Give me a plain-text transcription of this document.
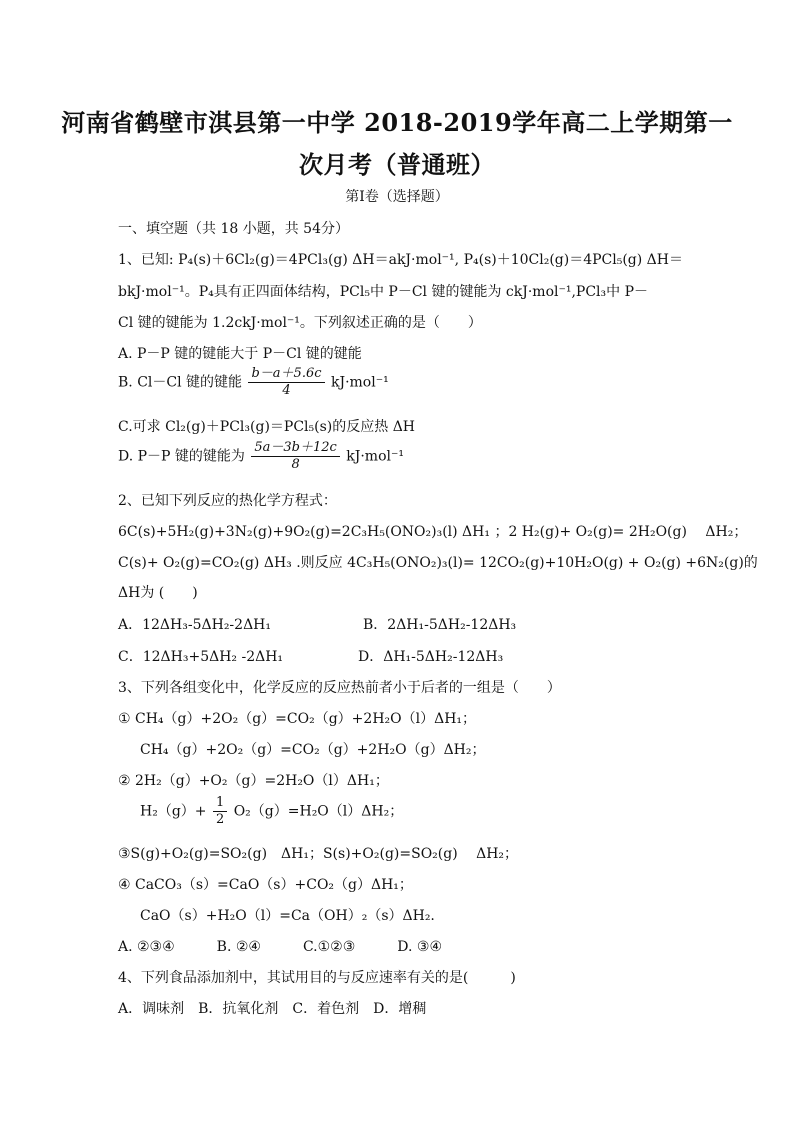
河南省鹤壁市淇县第一中学 2018-2019学年高二上学期第一
次月考（普通班）
第Ⅰ卷（选择题）
一、填空题（共 18 小题，共 54分）
1、已知: P₄(s)＋6Cl₂(g)＝4PCl₃(g) ΔH＝akJ·mol⁻¹, P₄(s)＋10Cl₂(g)＝4PCl₅(g) ΔH＝
bkJ·mol⁻¹。P₄具有正四面体结构，PCl₅中 P－Cl 键的键能为 ckJ·mol⁻¹,PCl₃中 P－
Cl 键的键能为 1.2ckJ·mol⁻¹。下列叙述正确的是（　　）
A. P－P 键的键能大于 P－Cl 键的键能
B. Cl－Cl 键的键能 $\frac{b-a+5.6c}{4} kJ\cdot mol^{-1}$
C.可求 Cl₂(g)＋PCl₃(g)＝PCl₅(s)的反应热 ΔH
D. P－P 键的键能为 $\frac{5a-3b+12c}{8} kJ\cdot mol^{-1}$
2、已知下列反应的热化学方程式：
6C(s)+5H₂(g)+3N₂(g)+9O₂(g)=2C₃H₅(ONO₂)₃(l) ΔH₁ ；2 H₂(g)+ O₂(g)= 2H₂O(g)　 ΔH₂；
C(s)+ O₂(g)=CO₂(g) ΔH₃ .则反应 4C₃H₅(ONO₂)₃(l)= 12CO₂(g)+10H₂O(g) + O₂(g) +6N₂(g)的
ΔH为 (　　)
A．12ΔH₃-5ΔH₂-2ΔH₁	B．2ΔH₁-5ΔH₂-12ΔH₃
C．12ΔH₃+5ΔH₂ -2ΔH₁	D．ΔH₁-5ΔH₂-12ΔH₃
3、下列各组变化中，化学反应的反应热前者小于后者的一组是（　　）
① CH₄（g）+2O₂（g）=CO₂（g）+2H₂O（l）ΔH₁；
CH₄（g）+2O₂（g）=CO₂（g）+2H₂O（g）ΔH₂；
② 2H₂（g）+O₂（g）=2H₂O（l）ΔH₁；
$H_2(g)+ \frac{1}{2} O_2(g)=H_2O(l)\Delta H_2$；
③S(g)+O₂(g)=SO₂(g)　ΔH₁；S(s)+O₂(g)=SO₂(g)　 ΔH₂；
④ CaCO₃（s）=CaO（s）+CO₂（g）ΔH₁；
CaO（s）+H₂O（l）=Ca（OH）₂（s）ΔH₂.
A. ②③④　　　B. ②④　　　C.①②③　　　D. ③④
4、下列食品添加剂中，其试用目的与反应速率有关的是(　　　)
A．调味剂　B．抗氧化剂　C．着色剂　D．增稠
